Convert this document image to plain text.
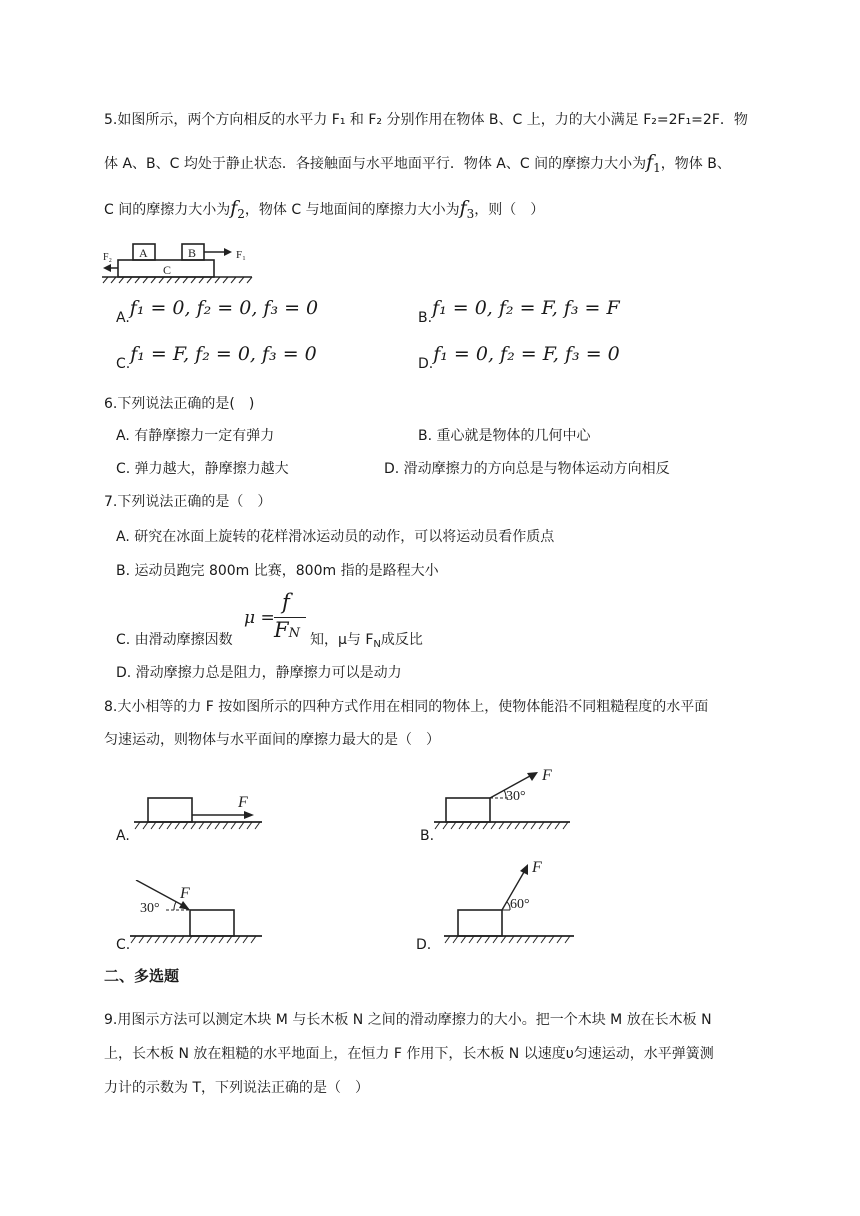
5.如图所示，两个方向相反的水平力 F₁ 和 F₂ 分别作用在物体 B、C 上，力的大小满足 F₂=2F₁=2F．物
体 A、B、C 均处于静止状态．各接触面与水平地面平行．物体 A、C 间的摩擦力大小为$f_1$，物体 B、
C 间的摩擦力大小为$f_2$，物体 C 与地面间的摩擦力大小为$f_3$，则（　）
A	B
C
F₁
F₂
A.f₁ = 0, f₂ = 0, f₃ = 0	B.f₁ = 0, f₂ = F, f₃ = F
C.f₁ = F, f₂ = 0, f₃ = 0	D.f₁ = 0, f₂ = F, f₃ = 0
6.下列说法正确的是(　)
A. 有静摩擦力一定有弹力	B. 重心就是物体的几何中心
C. 弹力越大，静摩擦力越大	D. 滑动摩擦力的方向总是与物体运动方向相反
7.下列说法正确的是（　）
A. 研究在冰面上旋转的花样滑冰运动员的动作，可以将运动员看作质点
B. 运动员跑完 800m 比赛，800m 指的是路程大小
C. 由滑动摩擦因数
μ =
f
FN 知，μ与 $F_N$成反比
D. 滑动摩擦力总是阻力，静摩擦力可以是动力
8.大小相等的力 F 按如图所示的四种方式作用在相同的物体上，使物体能沿不同粗糙程度的水平面
匀速运动，则物体与水平面间的摩擦力最大的是（　）
F
A.
F
30°
B.
F
30°
C.
F
60°
D.
二、多选题
9.用图示方法可以测定木块 M 与长木板 N 之间的滑动摩擦力的大小。把一个木块 M 放在长木板 N
上，长木板 N 放在粗糙的水平地面上，在恒力 F 作用下，长木板 N 以速度υ匀速运动，水平弹簧测
力计的示数为 T，下列说法正确的是（　）
